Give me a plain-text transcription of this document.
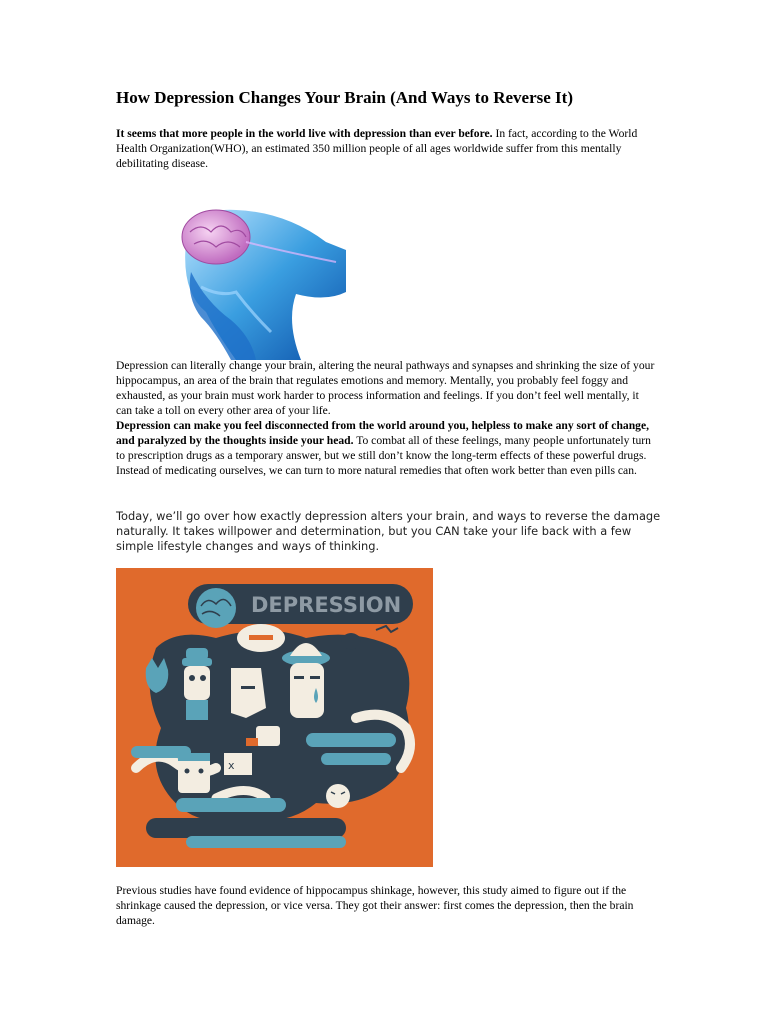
How Depression Changes Your Brain (And Ways to Reverse It)

It seems that more people in the world live with depression than ever before. In fact, according to the World Health Organization(WHO), an estimated 350 million people of all ages worldwide suffer from this mentally debilitating disease.

Depression can literally change your brain, altering the neural pathways and synapses and shrinking the size of your hippocampus, an area of the brain that regulates emotions and memory. Mentally, you probably feel foggy and exhausted, as your brain must work harder to process information and feelings. If you don’t feel well mentally, it can take a toll on every other area of your life.
Depression can make you feel disconnected from the world around you, helpless to make any sort of change, and paralyzed by the thoughts inside your head. To combat all of these feelings, many people unfortunately turn to prescription drugs as a temporary answer, but we still don’t know the long-term effects of these powerful drugs. Instead of medicating ourselves, we can turn to more natural remedies that often work better than even pills can.

Today, we’ll go over how exactly depression alters your brain, and ways to reverse the damage naturally. It takes willpower and determination, but you CAN take your life back with a few simple lifestyle changes and ways of thinking.

DEPRESSION
x

Previous studies have found evidence of hippocampus shinkage, however, this study aimed to figure out if the shrinkage caused the depression, or vice versa. They got their answer: first comes the depression, then the brain damage.
